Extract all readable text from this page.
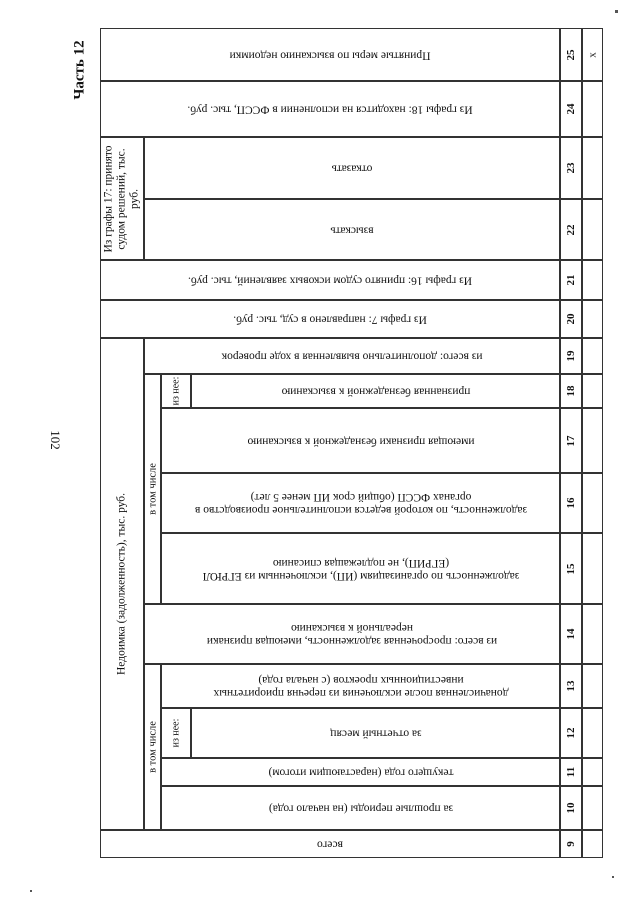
Часть 12
102
Принятые меры по взысканию недоимки
Из графы 18: находится на исполнении в ФССП, тыс. руб.
Из графы 17: принято судом решений, тыс. руб.
отказать
взыскать
Из графы 16: принято судом исковых заявлений, тыс. руб.
Из графы 7: направлено в суд, тыс. руб.
Недоимка (задолженность), тыс. руб.
из всего: дополнительно выявленная в ходе проверок
в том числе
из нее:	признанная безнадежной к взысканию
имеющая признаки безнадежной к взысканию
задолженность, по которой ведется исполнительное производство в органах ФССП (общий срок ИП менее 5 лет)
задолженность по организациям (ИП), исключенным из ЕГРЮЛ (ЕГРИП), не подлежащая списанию
из всего: просроченная задолженность, имеющая признаки нереальной к взысканию
в том числе
доначисленная после исключения из перечня приоритетных инвестиционных проектов (с начала года)
из нее:	за отчетный месяц
текущего года (нарастающим итогом)
за прошлые периоды (на начало года)
всего
25
24
23
22
21
20
19
18
17
16
15
14
13
12
11
10
9
х
